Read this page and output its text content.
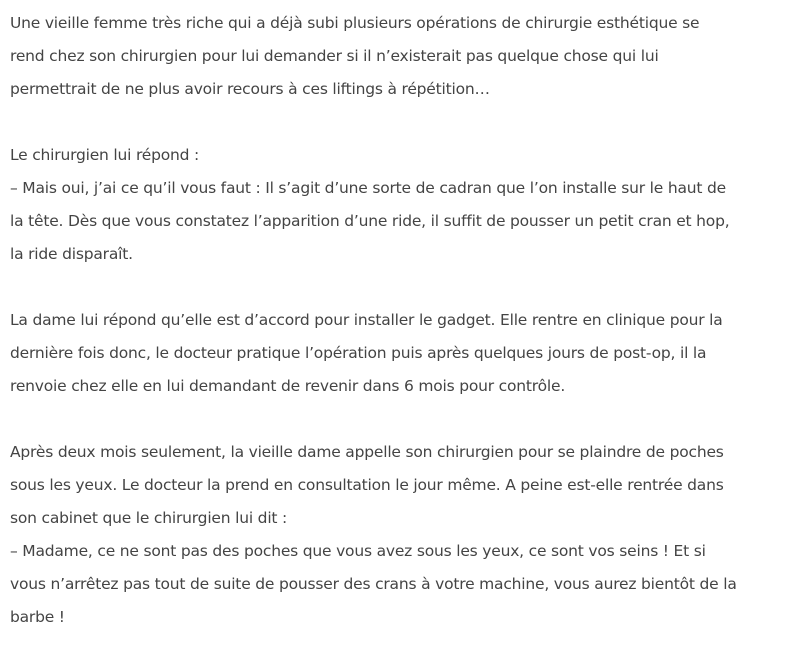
Une vieille femme très riche qui a déjà subi plusieurs opérations de chirurgie esthétique se
rend chez son chirurgien pour lui demander si il n’existerait pas quelque chose qui lui
permettrait de ne plus avoir recours à ces liftings à répétition…

Le chirurgien lui répond :
– Mais oui, j’ai ce qu’il vous faut : Il s’agit d’une sorte de cadran que l’on installe sur le haut de
la tête. Dès que vous constatez l’apparition d’une ride, il suffit de pousser un petit cran et hop,
la ride disparaît.

La dame lui répond qu’elle est d’accord pour installer le gadget. Elle rentre en clinique pour la
dernière fois donc, le docteur pratique l’opération puis après quelques jours de post-op, il la
renvoie chez elle en lui demandant de revenir dans 6 mois pour contrôle.

Après deux mois seulement, la vieille dame appelle son chirurgien pour se plaindre de poches
sous les yeux. Le docteur la prend en consultation le jour même. A peine est-elle rentrée dans
son cabinet que le chirurgien lui dit :
– Madame, ce ne sont pas des poches que vous avez sous les yeux, ce sont vos seins ! Et si
vous n’arrêtez pas tout de suite de pousser des crans à votre machine, vous aurez bientôt de la
barbe !
